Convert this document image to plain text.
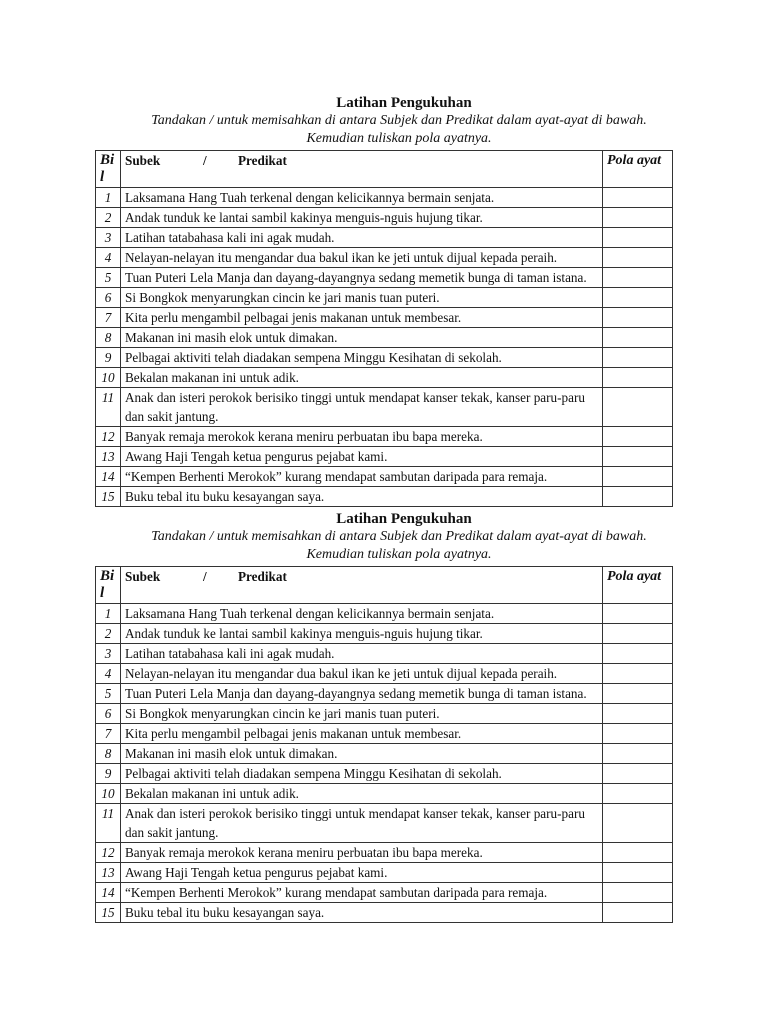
Latihan Pengukuhan
Tandakan / untuk memisahkan di antara Subjek dan Predikat dalam ayat-ayat di bawah.
Kemudian tuliskan pola ayatnya.
Bi l	Subek / Predikat	Pola ayat
1	Laksamana Hang Tuah terkenal dengan kelicikannya bermain senjata.	
2	Andak tunduk ke lantai sambil kakinya menguis-nguis hujung tikar.	
3	Latihan tatabahasa kali ini agak mudah.	
4	Nelayan-nelayan itu mengandar dua bakul ikan ke jeti untuk dijual kepada peraih.	
5	Tuan Puteri Lela Manja dan dayang-dayangnya sedang memetik bunga di taman istana.	
6	Si Bongkok menyarungkan cincin ke jari manis tuan puteri.	
7	Kita perlu mengambil pelbagai jenis makanan untuk membesar.	
8	Makanan ini masih elok untuk dimakan.	
9	Pelbagai aktiviti telah diadakan sempena Minggu Kesihatan di sekolah.	
10	Bekalan makanan ini untuk adik.	
11	Anak dan isteri perokok berisiko tinggi untuk mendapat kanser tekak, kanser paru-paru dan sakit jantung.	
12	Banyak remaja merokok kerana meniru perbuatan ibu bapa mereka.	
13	Awang Haji Tengah ketua pengurus pejabat kami.	
14	“Kempen Berhenti Merokok” kurang mendapat sambutan daripada para remaja.	
15	Buku tebal itu buku kesayangan saya.	
Latihan Pengukuhan
Tandakan / untuk memisahkan di antara Subjek dan Predikat dalam ayat-ayat di bawah.
Kemudian tuliskan pola ayatnya.
Bi l	Subek / Predikat	Pola ayat
1	Laksamana Hang Tuah terkenal dengan kelicikannya bermain senjata.	
2	Andak tunduk ke lantai sambil kakinya menguis-nguis hujung tikar.	
3	Latihan tatabahasa kali ini agak mudah.	
4	Nelayan-nelayan itu mengandar dua bakul ikan ke jeti untuk dijual kepada peraih.	
5	Tuan Puteri Lela Manja dan dayang-dayangnya sedang memetik bunga di taman istana.	
6	Si Bongkok menyarungkan cincin ke jari manis tuan puteri.	
7	Kita perlu mengambil pelbagai jenis makanan untuk membesar.	
8	Makanan ini masih elok untuk dimakan.	
9	Pelbagai aktiviti telah diadakan sempena Minggu Kesihatan di sekolah.	
10	Bekalan makanan ini untuk adik.	
11	Anak dan isteri perokok berisiko tinggi untuk mendapat kanser tekak, kanser paru-paru dan sakit jantung.	
12	Banyak remaja merokok kerana meniru perbuatan ibu bapa mereka.	
13	Awang Haji Tengah ketua pengurus pejabat kami.	
14	“Kempen Berhenti Merokok” kurang mendapat sambutan daripada para remaja.	
15	Buku tebal itu buku kesayangan saya.	
